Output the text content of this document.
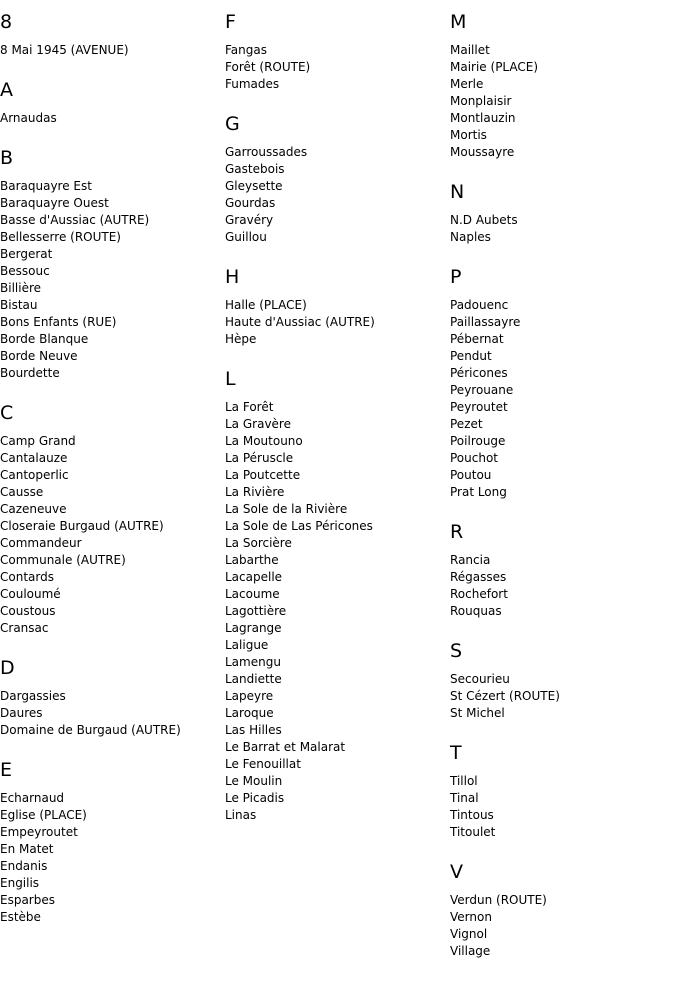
8
8 Mai 1945 (AVENUE)
A
Arnaudas
B
Baraquayre Est
Baraquayre Ouest
Basse d'Aussiac (AUTRE)
Bellesserre (ROUTE)
Bergerat
Bessouc
Billière
Bistau
Bons Enfants (RUE)
Borde Blanque
Borde Neuve
Bourdette
C
Camp Grand
Cantalauze
Cantoperlic
Causse
Cazeneuve
Closeraie Burgaud (AUTRE)
Commandeur
Communale (AUTRE)
Contards
Couloumé
Coustous
Cransac
D
Dargassies
Daures
Domaine de Burgaud (AUTRE)
E
Echarnaud
Eglise (PLACE)
Empeyroutet
En Matet
Endanis
Engilis
Esparbes
Estèbe
F
Fangas
Forêt (ROUTE)
Fumades
G
Garroussades
Gastebois
Gleysette
Gourdas
Gravéry
Guillou
H
Halle (PLACE)
Haute d'Aussiac (AUTRE)
Hèpe
L
La Forêt
La Gravère
La Moutouno
La Péruscle
La Poutcette
La Rivière
La Sole de la Rivière
La Sole de Las Péricones
La Sorcière
Labarthe
Lacapelle
Lacoume
Lagottière
Lagrange
Laligue
Lamengu
Landiette
Lapeyre
Laroque
Las Hilles
Le Barrat et Malarat
Le Fenouillat
Le Moulin
Le Picadis
Linas
M
Maillet
Mairie (PLACE)
Merle
Monplaisir
Montlauzin
Mortis
Moussayre
N
N.D Aubets
Naples
P
Padouenc
Paillassayre
Pébernat
Pendut
Péricones
Peyrouane
Peyroutet
Pezet
Poilrouge
Pouchot
Poutou
Prat Long
R
Rancia
Régasses
Rochefort
Rouquas
S
Secourieu
St Cézert (ROUTE)
St Michel
T
Tillol
Tinal
Tintous
Titoulet
V
Verdun (ROUTE)
Vernon
Vignol
Village
